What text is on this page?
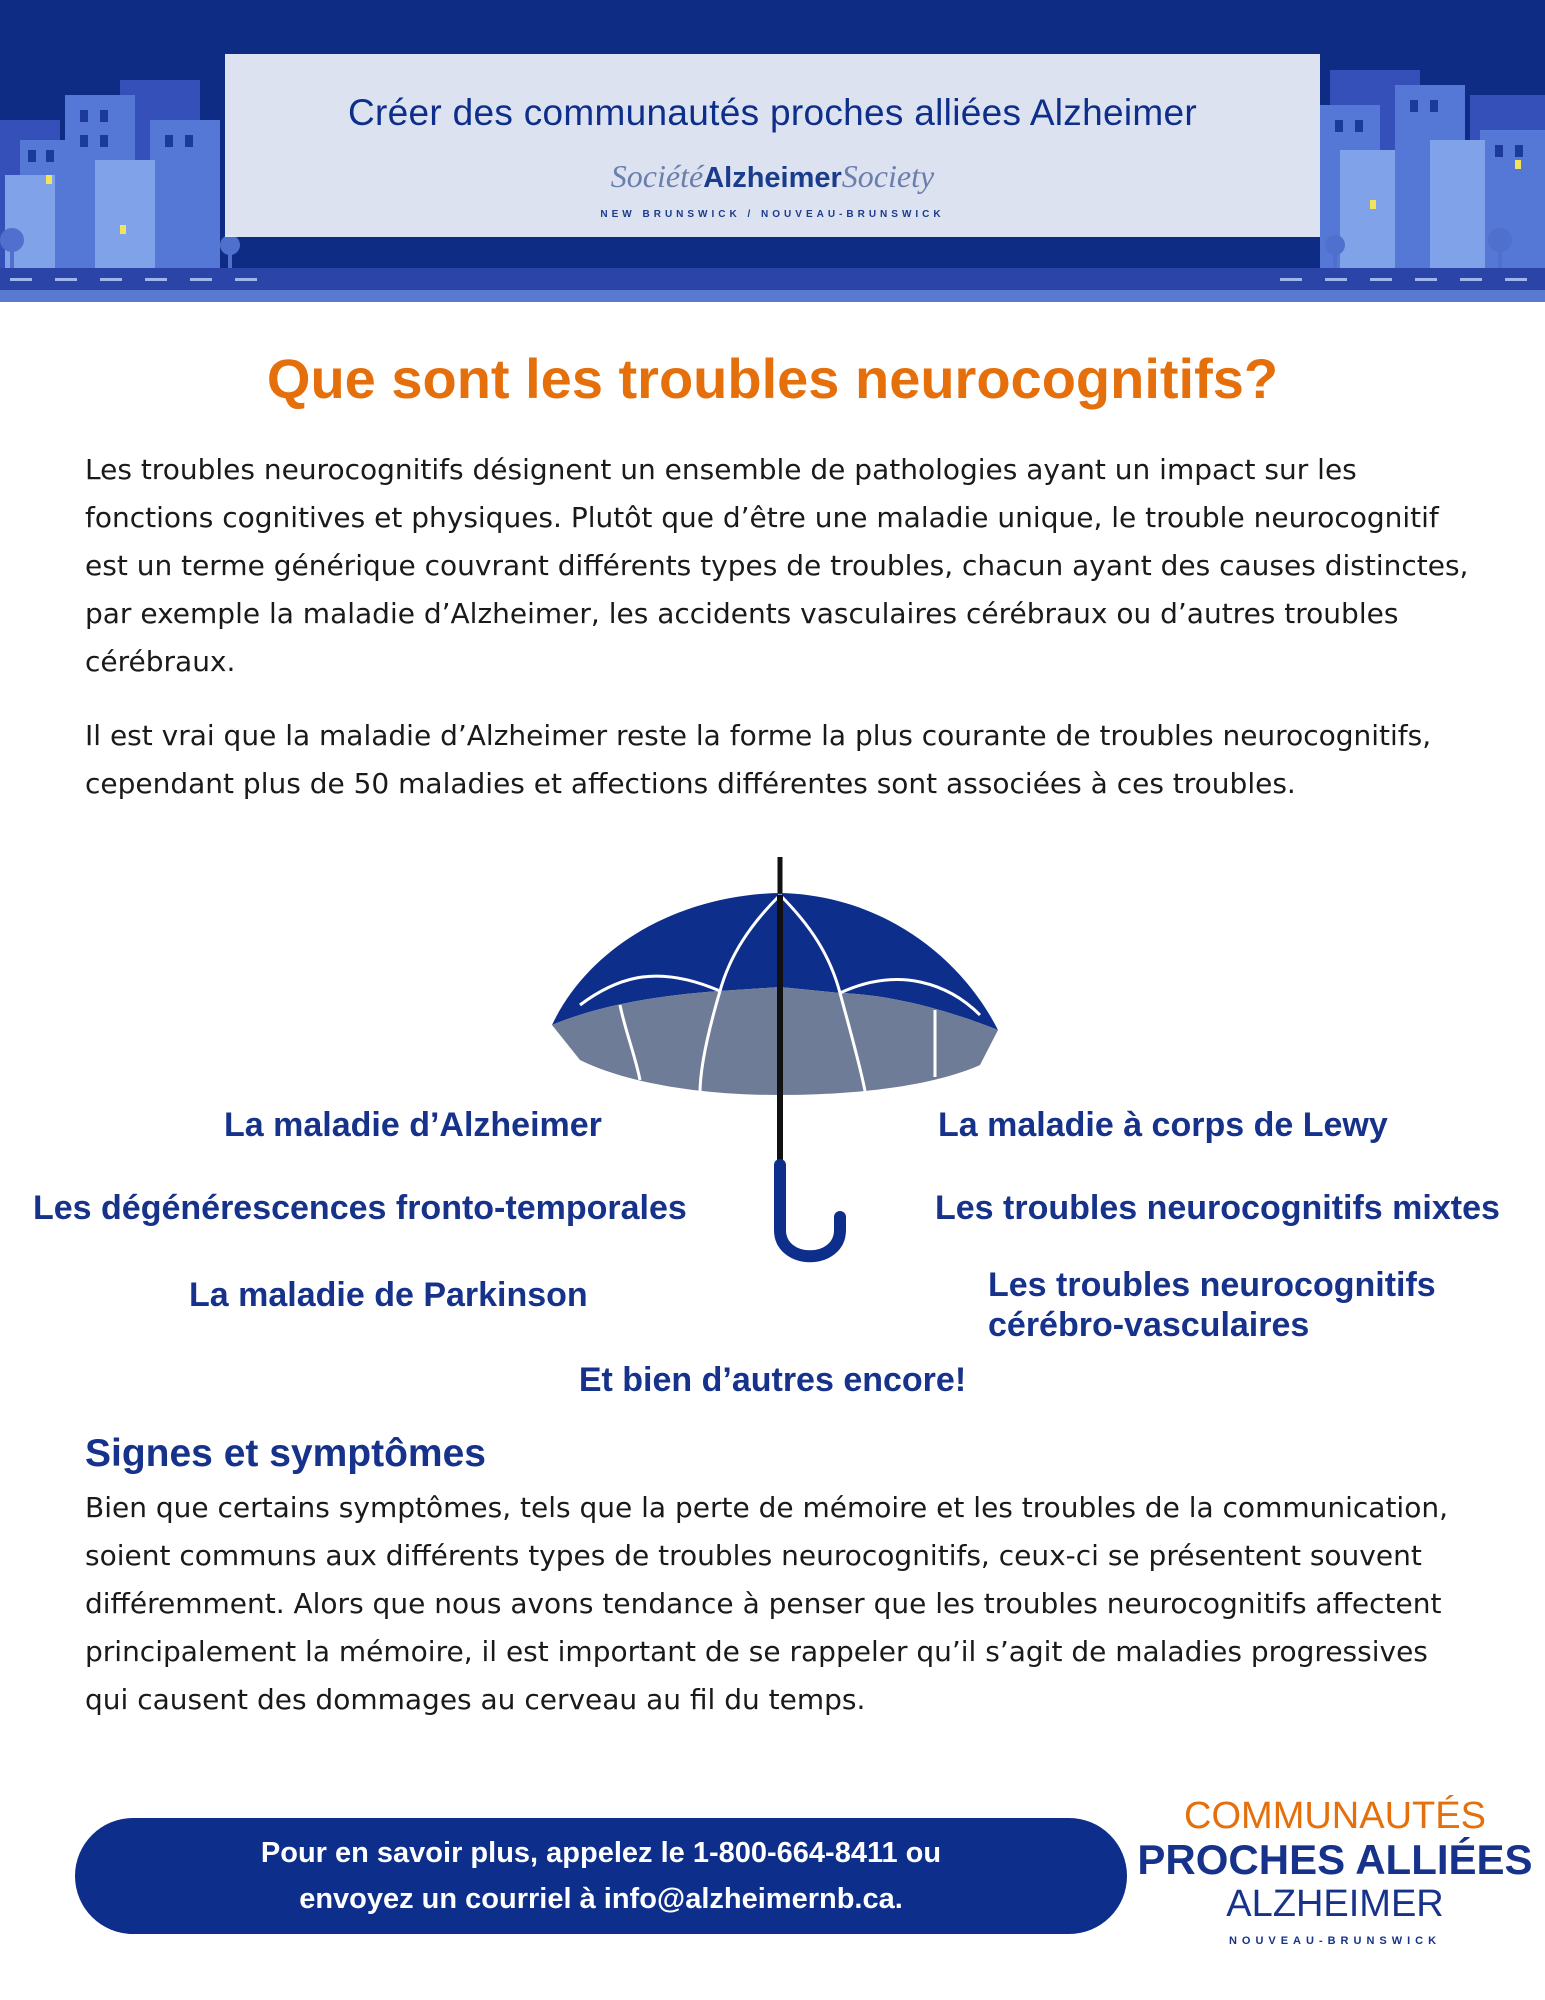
Créer des communautés proches alliées Alzheimer
SociétéAlzheimerSociety
NEW BRUNSWICK / NOUVEAU-BRUNSWICK
Que sont les troubles neurocognitifs?

Les troubles neurocognitifs désignent un ensemble de pathologies ayant un impact sur les fonctions cognitives et physiques. Plutôt que d’être une maladie unique, le trouble neurocognitif est un terme générique couvrant différents types de troubles, chacun ayant des causes distinctes, par exemple la maladie d’Alzheimer, les accidents vasculaires cérébraux ou d’autres troubles cérébraux.

Il est vrai que la maladie d’Alzheimer reste la forme la plus courante de troubles neurocognitifs, cependant plus de 50 maladies et affections différentes sont associées à ces troubles.

La maladie d’Alzheimer	La maladie à corps de Lewy
Les dégénérescences fronto-temporales	Les troubles neurocognitifs mixtes
La maladie de Parkinson	Les troubles neurocognitifs
cérébro-vasculaires
Et bien d’autres encore!
Signes et symptômes

Bien que certains symptômes, tels que la perte de mémoire et les troubles de la communication, soient communs aux différents types de troubles neurocognitifs, ceux-ci se présentent souvent différemment. Alors que nous avons tendance à penser que les troubles neurocognitifs affectent principalement la mémoire, il est important de se rappeler qu’il s’agit de maladies progressives qui causent des dommages au cerveau au fil du temps.

Pour en savoir plus, appelez le 1-800-664-8411 ou
envoyez un courriel à info@alzheimernb.ca.
COMMUNAUTÉS
PROCHES ALLIÉES
ALZHEIMER
NOUVEAU-BRUNSWICK
